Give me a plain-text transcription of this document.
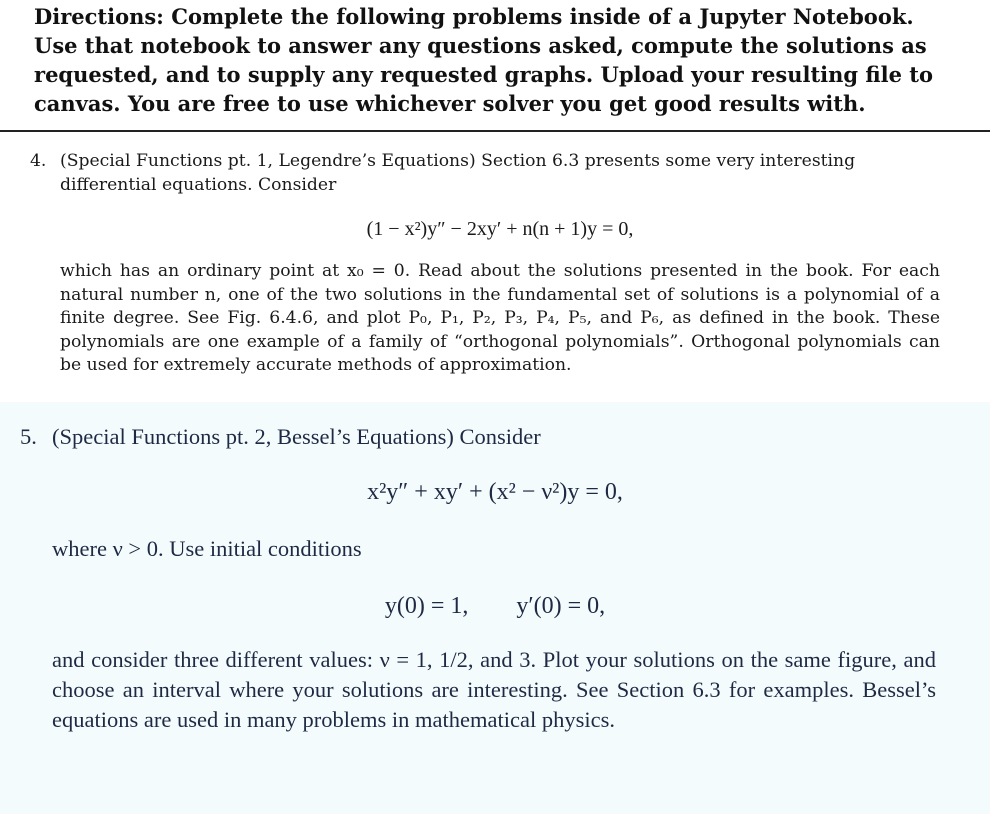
Directions: Complete the following problems inside of a Jupyter Notebook. Use that notebook to answer any questions asked, compute the solutions as requested, and to supply any requested graphs. Upload your resulting file to canvas. You are free to use whichever solver you get good results with.

4. (Special Functions pt. 1, Legendre’s Equations) Section 6.3 presents some very interesting differential equations. Consider

(1 − x²)y″ − 2xy′ + n(n + 1)y = 0,

which has an ordinary point at x₀ = 0. Read about the solutions presented in the book. For each natural number n, one of the two solutions in the fundamental set of solutions is a polynomial of a finite degree. See Fig. 6.4.6, and plot P₀, P₁, P₂, P₃, P₄, P₅, and P₆, as defined in the book. These polynomials are one example of a family of “orthogonal polynomials”. Orthogonal polynomials can be used for extremely accurate methods of approximation.

5. (Special Functions pt. 2, Bessel’s Equations) Consider

x²y″ + xy′ + (x² − ν²)y = 0,

where ν > 0. Use initial conditions

y(0) = 1,        y′(0) = 0,

and consider three different values: ν = 1, 1/2, and 3. Plot your solutions on the same figure, and choose an interval where your solutions are interesting. See Section 6.3 for examples. Bessel’s equations are used in many problems in mathematical physics.
